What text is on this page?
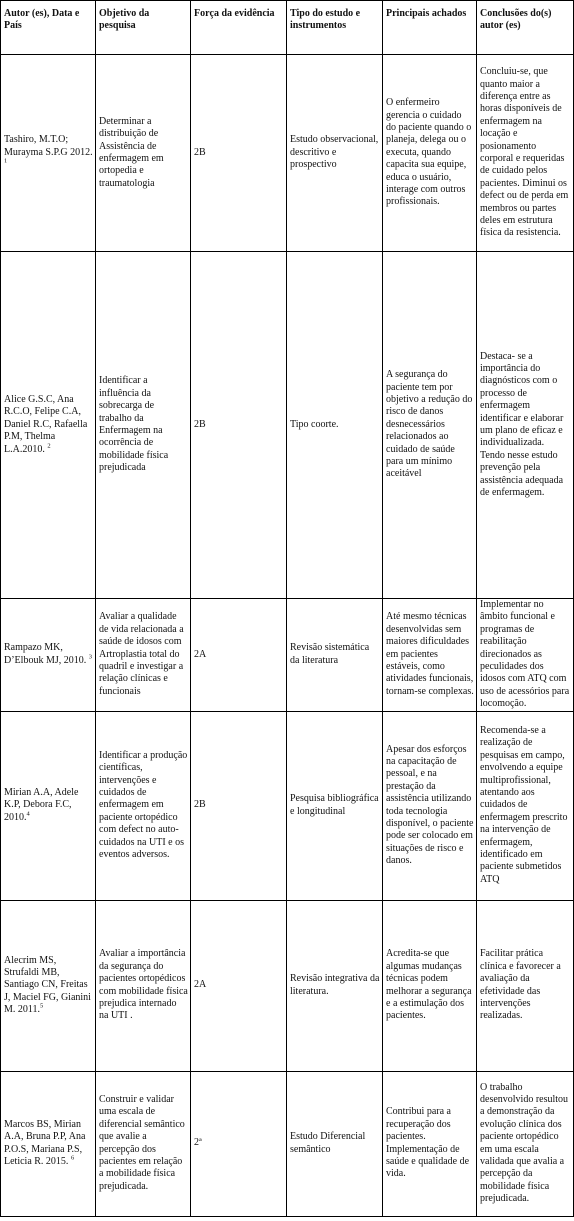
Autor (es), Data e País	Objetivo da pesquisa	Força da evidência	Tipo do estudo e instrumentos	Principais achados	Conclusões do(s) autor (es)
Tashiro, M.T.O; Murayma S.P.G 2012. $^1$	Determinar a distribuição de Assistência de enfermagem em ortopedia e traumatologia	2B	Estudo observacional, descritivo e prospectivo	O enfermeiro gerencia o cuidado do paciente quando o planeja, delega ou o executa, quando capacita sua equipe, educa o usuário, interage com outros profissionais.	Concluiu-se, que quanto maior a diferença entre as horas disponíveis de enfermagem na locação e posionamento corporal e requeridas de cuidado pelos pacientes. Diminui os defect ou de perda em membros ou partes deles em estrutura física da resistencia.
Alice G.S.C, Ana R.C.O, Felipe C.A, Daniel R.C, Rafaella P.M, Thelma L.A.2010. $^2$	Identificar a influência da sobrecarga de trabalho da Enfermagem na ocorrência de mobilidade física prejudicada	2B	Tipo coorte.	A segurança do paciente tem por objetivo a redução do risco de danos desnecessários relacionados ao cuidado de saúde para um mínimo aceitável	Destaca- se a importância do diagnósticos com o processo de enfermagem identificar e elaborar um plano de eficaz e individualizada. Tendo nesse estudo prevenção pela assistência adequada de enfermagem.
Rampazo MK, D’Elbouk MJ, 2010. $^3$	Avaliar a qualidade de vida relacionada a saúde de idosos com Artroplastia total do quadril e investigar a relação clínicas e funcionais	2A	Revisão sistemática da literatura	Até mesmo técnicas desenvolvidas sem maiores dificuldades em pacientes estáveis, como atividades funcionais, tornam-se complexas.	Implementar no âmbito funcional e programas de reabilitação direcionados as peculidades dos idosos com ATQ com uso de acessórios para locomoção.
Mirian A.A, Adele K.P, Debora F.C, 2010.$^4$	Identificar a produção científicas, intervenções e cuidados de enfermagem em paciente ortopédico com defect no auto-cuidados na UTI e os eventos adversos.	2B	Pesquisa bibliográfica e longitudinal	Apesar dos esforços na capacitação de pessoal, e na prestação da assistência utilizando toda tecnologia disponível, o paciente pode ser colocado em situações de risco e danos.	Recomenda-se a realização de pesquisas em campo, envolvendo a equipe multiprofissional, atentando aos cuidados de enfermagem prescrito na intervenção de enfermagem, identificado em paciente submetidos ATQ
Alecrim MS, Strufaldi MB, Santiago CN, Freitas J, Maciel FG, Gianini M. 2011.$^5$	Avaliar a importância da segurança do pacientes ortopédicos com mobilidade física prejudica internado na UTI .	2A	Revisão integrativa da literatura.	Acredita-se que algumas mudanças técnicas podem melhorar a segurança e a estimulação dos pacientes.	Facilitar prática clínica e favorecer a avaliação da efetividade das intervenções realizadas.
Marcos BS, Mirian A.A, Bruna P.P, Ana P.O.S, Mariana P.S, Leticia R. 2015. $^6$	Construir e validar uma escala de diferencial semântico que avalie a percepção dos pacientes em relação a mobilidade física prejudicada.	2ª	Estudo Diferencial semântico	Contribui para a recuperação dos pacientes. Implementação de saúde e qualidade de vida.	O trabalho desenvolvido resultou a demonstração da evolução clínica dos paciente ortopédico em uma escala validada que avalia a percepção da mobilidade física prejudicada.
